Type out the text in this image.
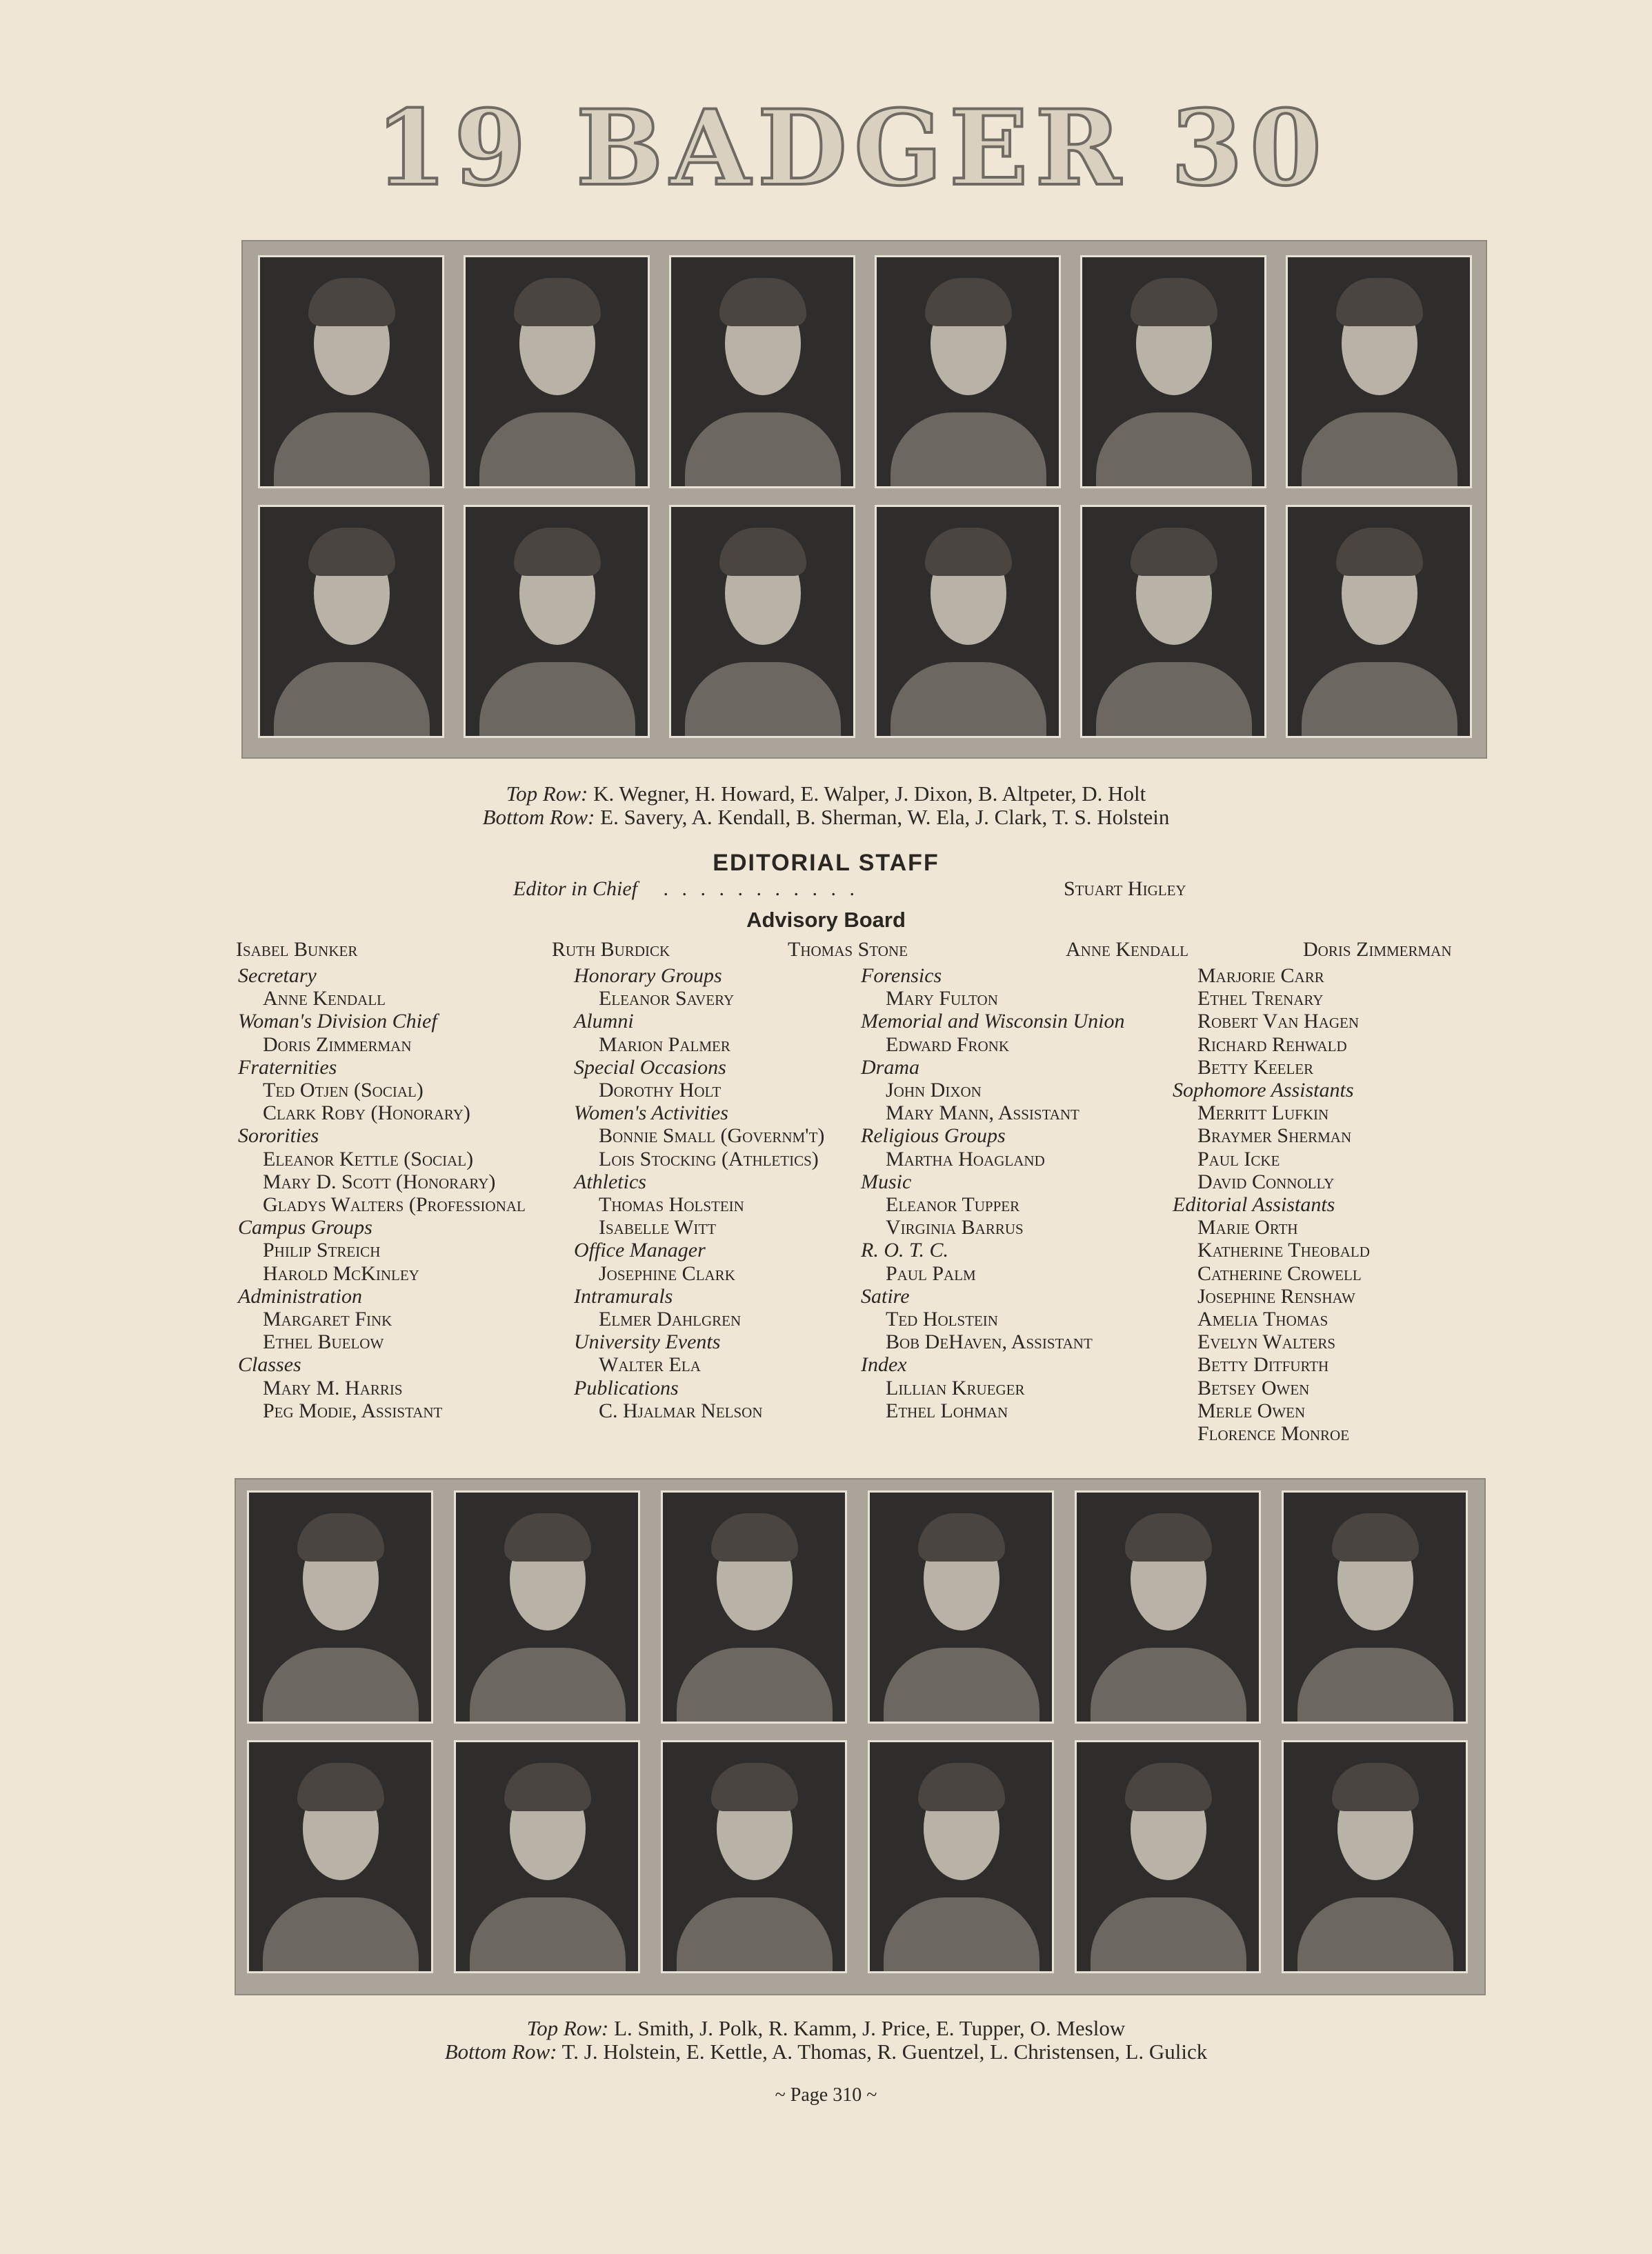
19 BADGER 30
Top Row: K. Wegner, H. Howard, E. Walper, J. Dixon, B. Altpeter, D. Holt
Bottom Row: E. Savery, A. Kendall, B. Sherman, W. Ela, J. Clark, T. S. Holstein
EDITORIAL STAFF
Editor in Chief . . . . . . . . . . .	Stuart Higley
Advisory Board
Isabel Bunker	Ruth Burdick	Thomas Stone	Anne Kendall	Doris Zimmerman
Secretary
Anne Kendall
Woman's Division Chief
Doris Zimmerman
Fraternities
Ted Otjen (Social)
Clark Roby (Honorary)
Sororities
Eleanor Kettle (Social)
Mary D. Scott (Honorary)
Gladys Walters (Professional
Campus Groups
Philip Streich
Harold McKinley
Administration
Margaret Fink
Ethel Buelow
Classes
Mary M. Harris
Peg Modie, Assistant
Honorary Groups
Eleanor Savery
Alumni
Marion Palmer
Special Occasions
Dorothy Holt
Women's Activities
Bonnie Small (Governm't)
Lois Stocking (Athletics)
Athletics
Thomas Holstein
Isabelle Witt
Office Manager
Josephine Clark
Intramurals
Elmer Dahlgren
University Events
Walter Ela
Publications
C. Hjalmar Nelson
Forensics
Mary Fulton
Memorial and Wisconsin Union
Edward Fronk
Drama
John Dixon
Mary Mann, Assistant
Religious Groups
Martha Hoagland
Music
Eleanor Tupper
Virginia Barrus
R. O. T. C.
Paul Palm
Satire
Ted Holstein
Bob DeHaven, Assistant
Index
Lillian Krueger
Ethel Lohman
Marjorie Carr
Ethel Trenary
Robert Van Hagen
Richard Rehwald
Betty Keeler
Sophomore Assistants
Merritt Lufkin
Braymer Sherman
Paul Icke
David Connolly
Editorial Assistants
Marie Orth
Katherine Theobald
Catherine Crowell
Josephine Renshaw
Amelia Thomas
Evelyn Walters
Betty Ditfurth
Betsey Owen
Merle Owen
Florence Monroe
Top Row: L. Smith, J. Polk, R. Kamm, J. Price, E. Tupper, O. Meslow
Bottom Row: T. J. Holstein, E. Kettle, A. Thomas, R. Guentzel, L. Christensen, L. Gulick
~ Page 310 ~
